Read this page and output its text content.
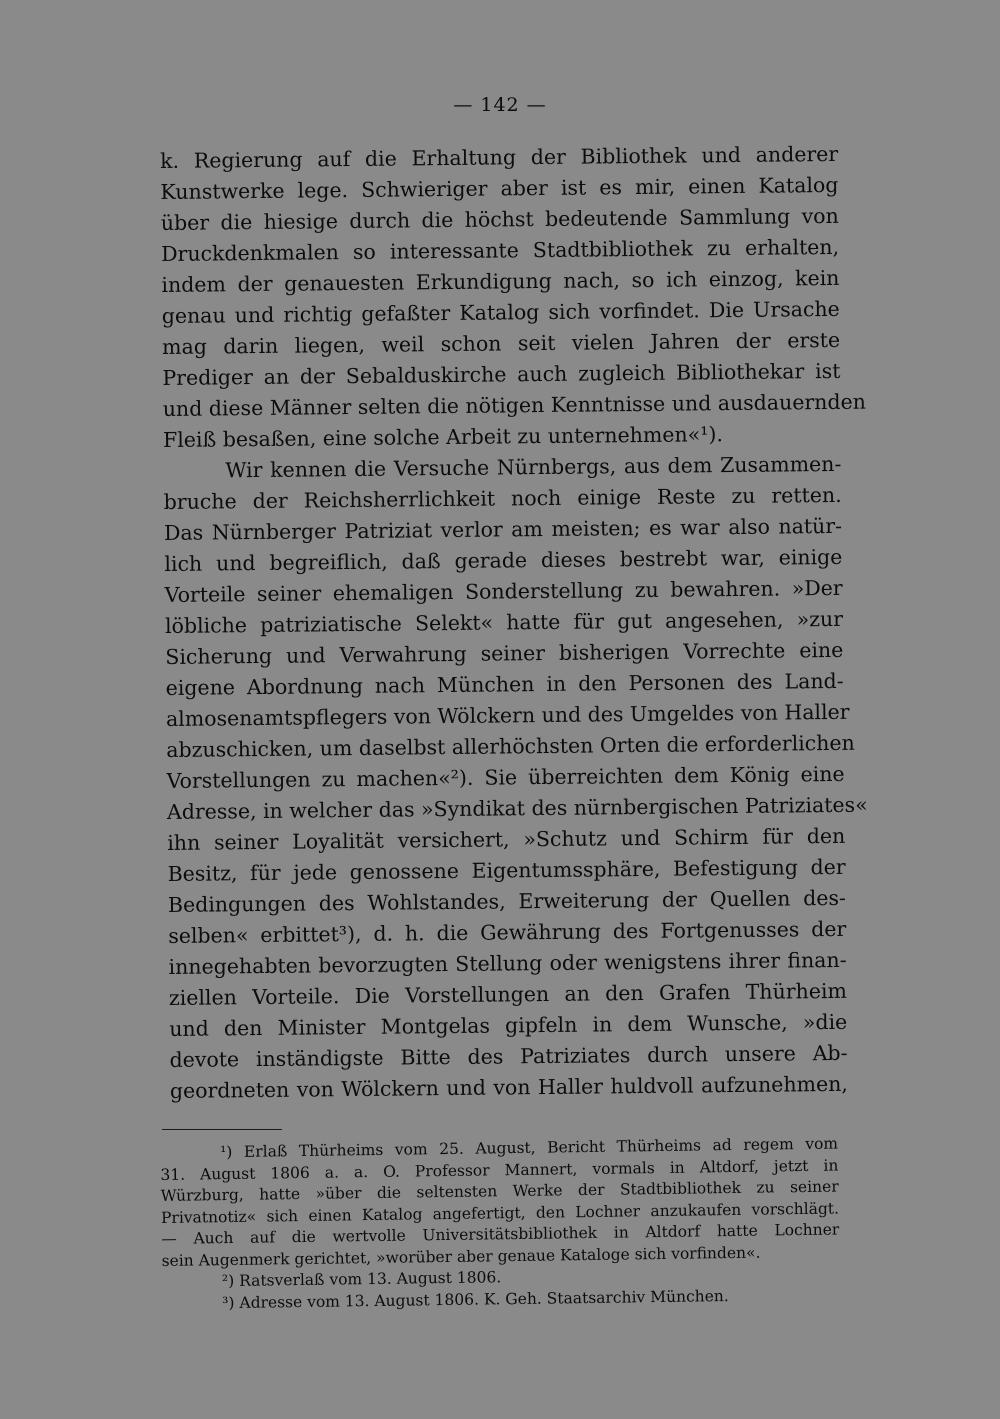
— 142 —
k. Regierung auf die Erhaltung der Bibliothek und anderer
Kunstwerke lege. Schwieriger aber ist es mir, einen Katalog
über die hiesige durch die höchst bedeutende Sammlung von
Druckdenkmalen so interessante Stadtbibliothek zu erhalten,
indem der genauesten Erkundigung nach, so ich einzog, kein
genau und richtig gefaßter Katalog sich vorfindet. Die Ursache
mag darin liegen, weil schon seit vielen Jahren der erste
Prediger an der Sebalduskirche auch zugleich Bibliothekar ist
und diese Männer selten die nötigen Kenntnisse und ausdauernden
Fleiß besaßen, eine solche Arbeit zu unternehmen«¹).
Wir kennen die Versuche Nürnbergs, aus dem Zusammen-
bruche der Reichsherrlichkeit noch einige Reste zu retten.
Das Nürnberger Patriziat verlor am meisten; es war also natür-
lich und begreiflich, daß gerade dieses bestrebt war, einige
Vorteile seiner ehemaligen Sonderstellung zu bewahren. »Der
löbliche patriziatische Selekt« hatte für gut angesehen, »zur
Sicherung und Verwahrung seiner bisherigen Vorrechte eine
eigene Abordnung nach München in den Personen des Land-
almosenamtspflegers von Wölckern und des Umgeldes von Haller
abzuschicken, um daselbst allerhöchsten Orten die erforderlichen
Vorstellungen zu machen«²). Sie überreichten dem König eine
Adresse, in welcher das »Syndikat des nürnbergischen Patriziates«
ihn seiner Loyalität versichert, »Schutz und Schirm für den
Besitz, für jede genossene Eigentumssphäre, Befestigung der
Bedingungen des Wohlstandes, Erweiterung der Quellen des-
selben« erbittet³), d. h. die Gewährung des Fortgenusses der
innegehabten bevorzugten Stellung oder wenigstens ihrer finan-
ziellen Vorteile. Die Vorstellungen an den Grafen Thürheim
und den Minister Montgelas gipfeln in dem Wunsche, »die
devote inständigste Bitte des Patriziates durch unsere Ab-
geordneten von Wölckern und von Haller huldvoll aufzunehmen,
¹) Erlaß Thürheims vom 25. August, Bericht Thürheims ad regem vom
31. August 1806 a. a. O. Professor Mannert, vormals in Altdorf, jetzt in
Würzburg, hatte »über die seltensten Werke der Stadtbibliothek zu seiner
Privatnotiz« sich einen Katalog angefertigt, den Lochner anzukaufen vorschlägt.
— Auch auf die wertvolle Universitätsbibliothek in Altdorf hatte Lochner
sein Augenmerk gerichtet, »worüber aber genaue Kataloge sich vorfinden«.
²) Ratsverlaß vom 13. August 1806.
³) Adresse vom 13. August 1806. K. Geh. Staatsarchiv München.
